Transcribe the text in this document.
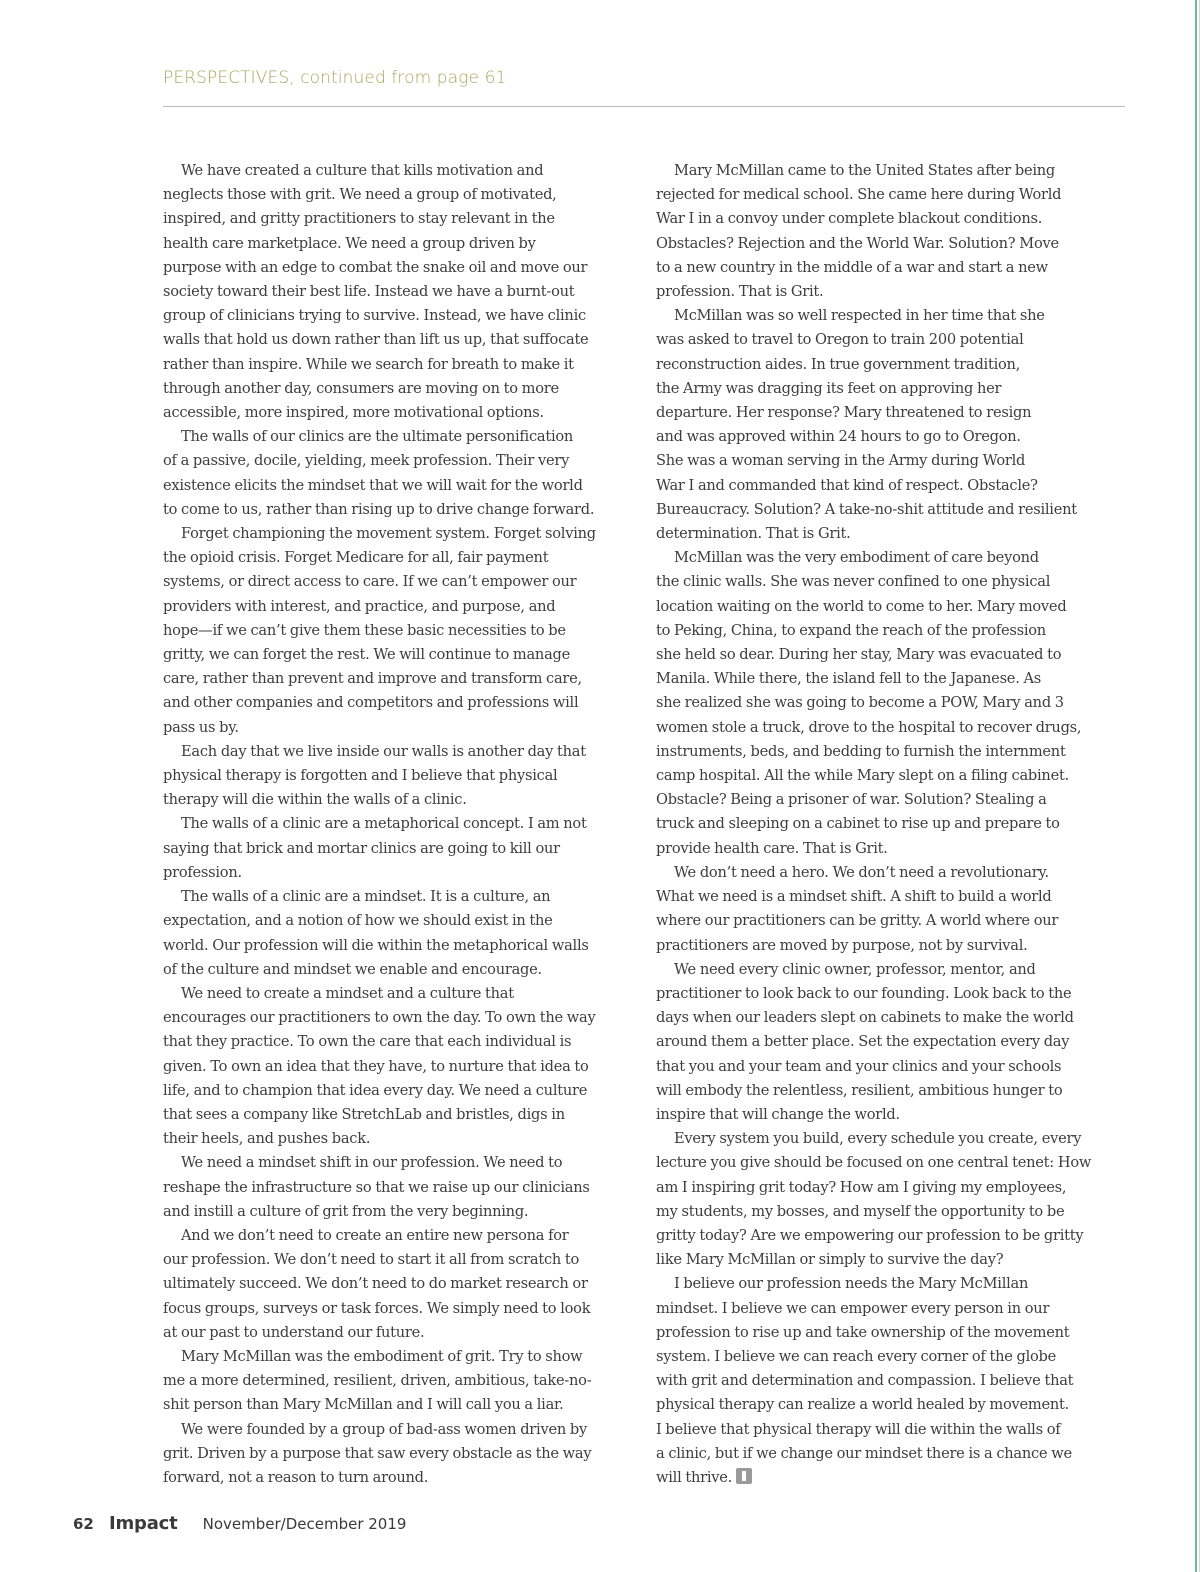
PERSPECTIVES, continued from page 61

We have created a culture that kills motivation and
neglects those with grit. We need a group of motivated,
inspired, and gritty practitioners to stay relevant in the
health care marketplace. We need a group driven by
purpose with an edge to combat the snake oil and move our
society toward their best life. Instead we have a burnt-out
group of clinicians trying to survive. Instead, we have clinic
walls that hold us down rather than lift us up, that suffocate
rather than inspire. While we search for breath to make it
through another day, consumers are moving on to more
accessible, more inspired, more motivational options.

The walls of our clinics are the ultimate personification
of a passive, docile, yielding, meek profession. Their very
existence elicits the mindset that we will wait for the world
to come to us, rather than rising up to drive change forward.

Forget championing the movement system. Forget solving
the opioid crisis. Forget Medicare for all, fair payment
systems, or direct access to care. If we can’t empower our
providers with interest, and practice, and purpose, and
hope—if we can’t give them these basic necessities to be
gritty, we can forget the rest. We will continue to manage
care, rather than prevent and improve and transform care,
and other companies and competitors and professions will
pass us by.

Each day that we live inside our walls is another day that
physical therapy is forgotten and I believe that physical
therapy will die within the walls of a clinic.

The walls of a clinic are a metaphorical concept. I am not
saying that brick and mortar clinics are going to kill our
profession.

The walls of a clinic are a mindset. It is a culture, an
expectation, and a notion of how we should exist in the
world. Our profession will die within the metaphorical walls
of the culture and mindset we enable and encourage.

We need to create a mindset and a culture that
encourages our practitioners to own the day. To own the way
that they practice. To own the care that each individual is
given. To own an idea that they have, to nurture that idea to
life, and to champion that idea every day. We need a culture
that sees a company like StretchLab and bristles, digs in
their heels, and pushes back.

We need a mindset shift in our profession. We need to
reshape the infrastructure so that we raise up our clinicians
and instill a culture of grit from the very beginning.

And we don’t need to create an entire new persona for
our profession. We don’t need to start it all from scratch to
ultimately succeed. We don’t need to do market research or
focus groups, surveys or task forces. We simply need to look
at our past to understand our future.

Mary McMillan was the embodiment of grit. Try to show
me a more determined, resilient, driven, ambitious, take-no-
shit person than Mary McMillan and I will call you a liar.

We were founded by a group of bad-ass women driven by
grit. Driven by a purpose that saw every obstacle as the way
forward, not a reason to turn around.

Mary McMillan came to the United States after being
rejected for medical school. She came here during World
War I in a convoy under complete blackout conditions.
Obstacles? Rejection and the World War. Solution? Move
to a new country in the middle of a war and start a new
profession. That is Grit.

McMillan was so well respected in her time that she
was asked to travel to Oregon to train 200 potential
reconstruction aides. In true government tradition,
the Army was dragging its feet on approving her
departure. Her response? Mary threatened to resign
and was approved within 24 hours to go to Oregon.
She was a woman serving in the Army during World
War I and commanded that kind of respect. Obstacle?
Bureaucracy. Solution? A take-no-shit attitude and resilient
determination. That is Grit.

McMillan was the very embodiment of care beyond
the clinic walls. She was never confined to one physical
location waiting on the world to come to her. Mary moved
to Peking, China, to expand the reach of the profession
she held so dear. During her stay, Mary was evacuated to
Manila. While there, the island fell to the Japanese. As
she realized she was going to become a POW, Mary and 3
women stole a truck, drove to the hospital to recover drugs,
instruments, beds, and bedding to furnish the internment
camp hospital. All the while Mary slept on a filing cabinet.
Obstacle? Being a prisoner of war. Solution? Stealing a
truck and sleeping on a cabinet to rise up and prepare to
provide health care. That is Grit.

We don’t need a hero. We don’t need a revolutionary.
What we need is a mindset shift. A shift to build a world
where our practitioners can be gritty. A world where our
practitioners are moved by purpose, not by survival.

We need every clinic owner, professor, mentor, and
practitioner to look back to our founding. Look back to the
days when our leaders slept on cabinets to make the world
around them a better place. Set the expectation every day
that you and your team and your clinics and your schools
will embody the relentless, resilient, ambitious hunger to
inspire that will change the world.

Every system you build, every schedule you create, every
lecture you give should be focused on one central tenet: How
am I inspiring grit today? How am I giving my employees,
my students, my bosses, and myself the opportunity to be
gritty today? Are we empowering our profession to be gritty
like Mary McMillan or simply to survive the day?

I believe our profession needs the Mary McMillan
mindset. I believe we can empower every person in our
profession to rise up and take ownership of the movement
system. I believe we can reach every corner of the globe
with grit and determination and compassion. I believe that
physical therapy can realize a world healed by movement.
I believe that physical therapy will die within the walls of
a clinic, but if we change our mindset there is a chance we
will thrive.

62 Impact November/December 2019
